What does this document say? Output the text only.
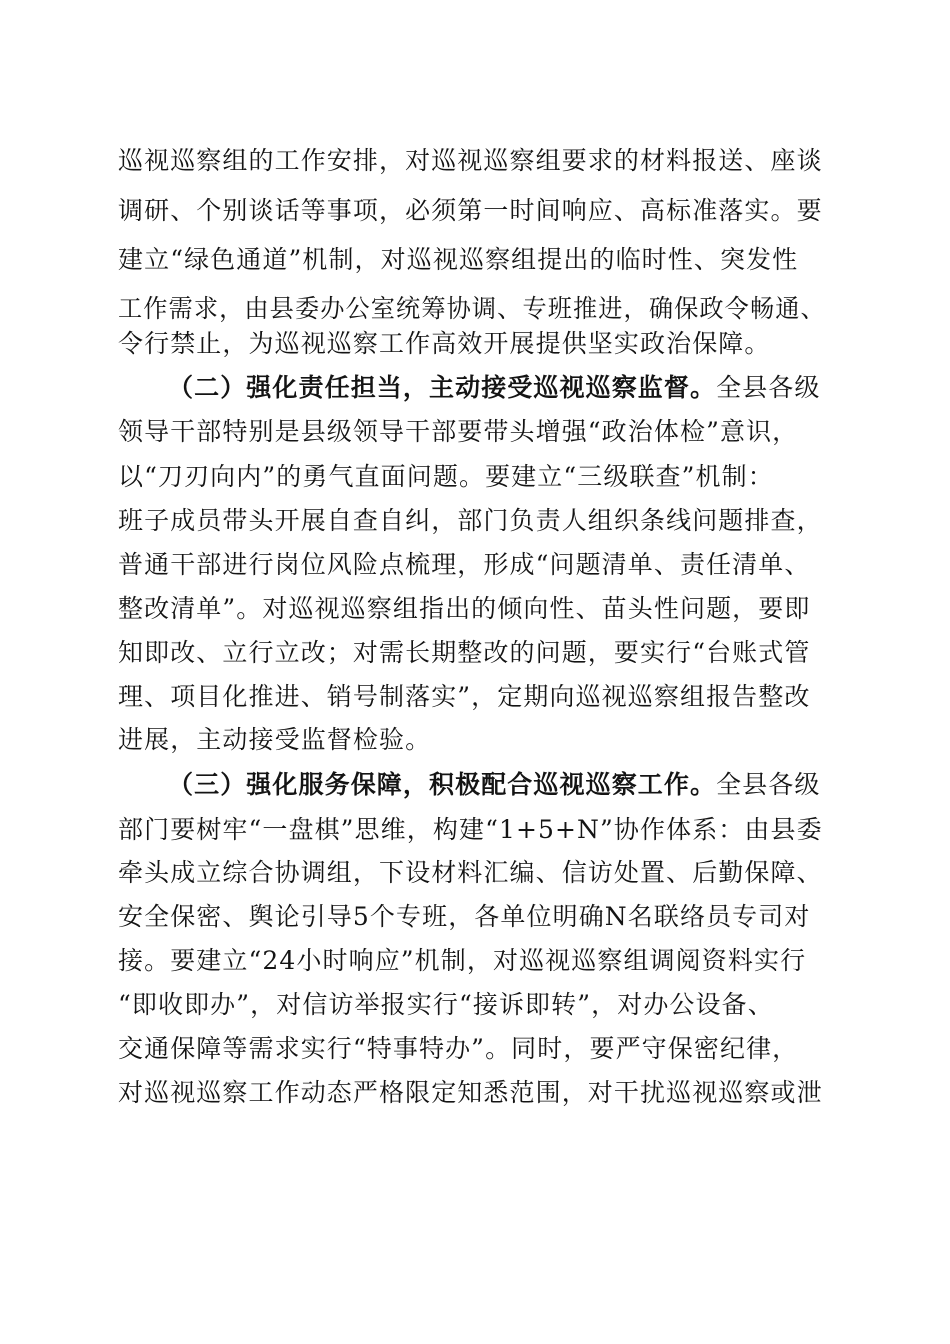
巡视巡察组的工作安排，对巡视巡察组要求的材料报送、座谈

调研、个别谈话等事项，必须第一时间响应、高标准落实。要

建立“绿色通道”机制，对巡视巡察组提出的临时性、突发性

工作需求，由县委办公室统筹协调、专班推进，确保政令畅通、

令行禁止，为巡视巡察工作高效开展提供坚实政治保障。

（二）强化责任担当，主动接受巡视巡察监督。全县各级

领导干部特别是县级领导干部要带头增强“政治体检”意识，

以“刀刃向内”的勇气直面问题。要建立“三级联查”机制：

班子成员带头开展自查自纠，部门负责人组织条线问题排查，

普通干部进行岗位风险点梳理，形成“问题清单、责任清单、

整改清单”。对巡视巡察组指出的倾向性、苗头性问题，要即

知即改、立行立改；对需长期整改的问题，要实行“台账式管

理、项目化推进、销号制落实”，定期向巡视巡察组报告整改

进展，主动接受监督检验。

（三）强化服务保障，积极配合巡视巡察工作。全县各级

部门要树牢“一盘棋”思维，构建“1+5+N”协作体系：由县委

牵头成立综合协调组，下设材料汇编、信访处置、后勤保障、

安全保密、舆论引导5个专班，各单位明确N名联络员专司对

接。要建立“24小时响应”机制，对巡视巡察组调阅资料实行

“即收即办”，对信访举报实行“接诉即转”，对办公设备、

交通保障等需求实行“特事特办”。同时，要严守保密纪律，

对巡视巡察工作动态严格限定知悉范围，对干扰巡视巡察或泄
